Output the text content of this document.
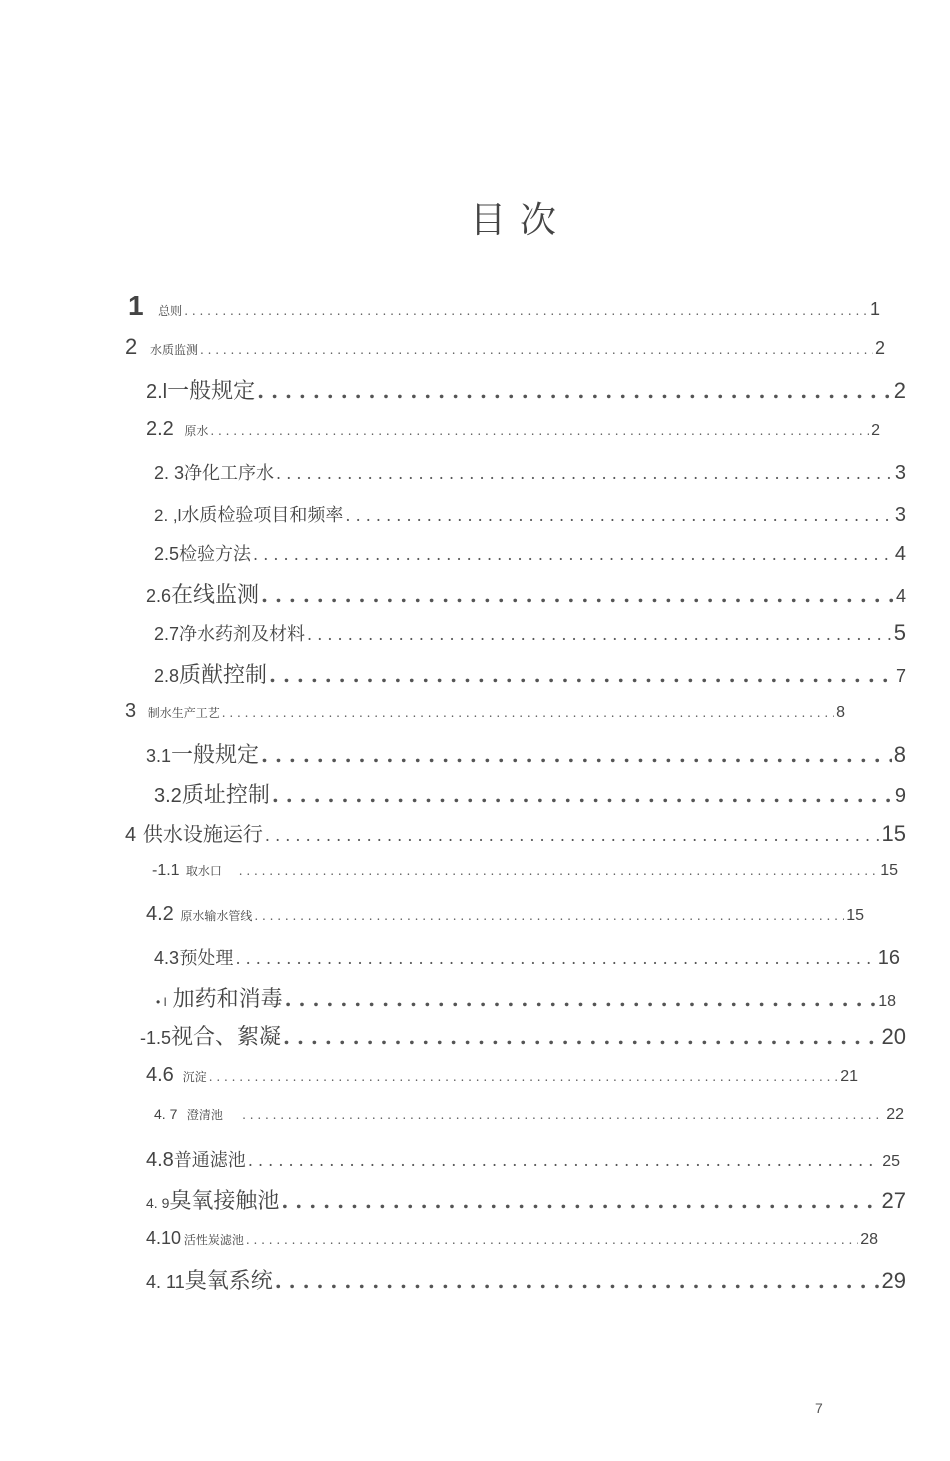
目次
1	总则 . . .	1
2	水质监测 . . .	2
2.l 一般规定 . . .	2
2.2 原水 . . .	2
2. 3 净化工序水 . . .	3
2. ,l 水质检验项目和频率 . . .	3
2.5 检验方法 . . .	4
2.6 在线监测 . . .	4
2.7 净水药剂及材料 . . .	5
2.8 质猷控制 . . .	7
3 制水生产工艺 . . .	8
3.1 一般规定 . . .	8
3.2 质址控制 . . .	9
4 供水设施运行 . . .	15
-1.1 取水口 . . .	15
4.2 原水输水管线 . . .	15
4.3 预处理 . . .	16
• I 加药和消毒 . . .	18
-1.5 视合、絮凝 . . .	20
4.6 沉淀 . . .	21
4. 7 澄清池 . . .	22
4.8 普通滤池 . . .	25
4. 9 臭氧接触池 . . .	27
4.10 活性炭滤池 . . .	28
4. 11 臭氧系统 . . .	29
7
